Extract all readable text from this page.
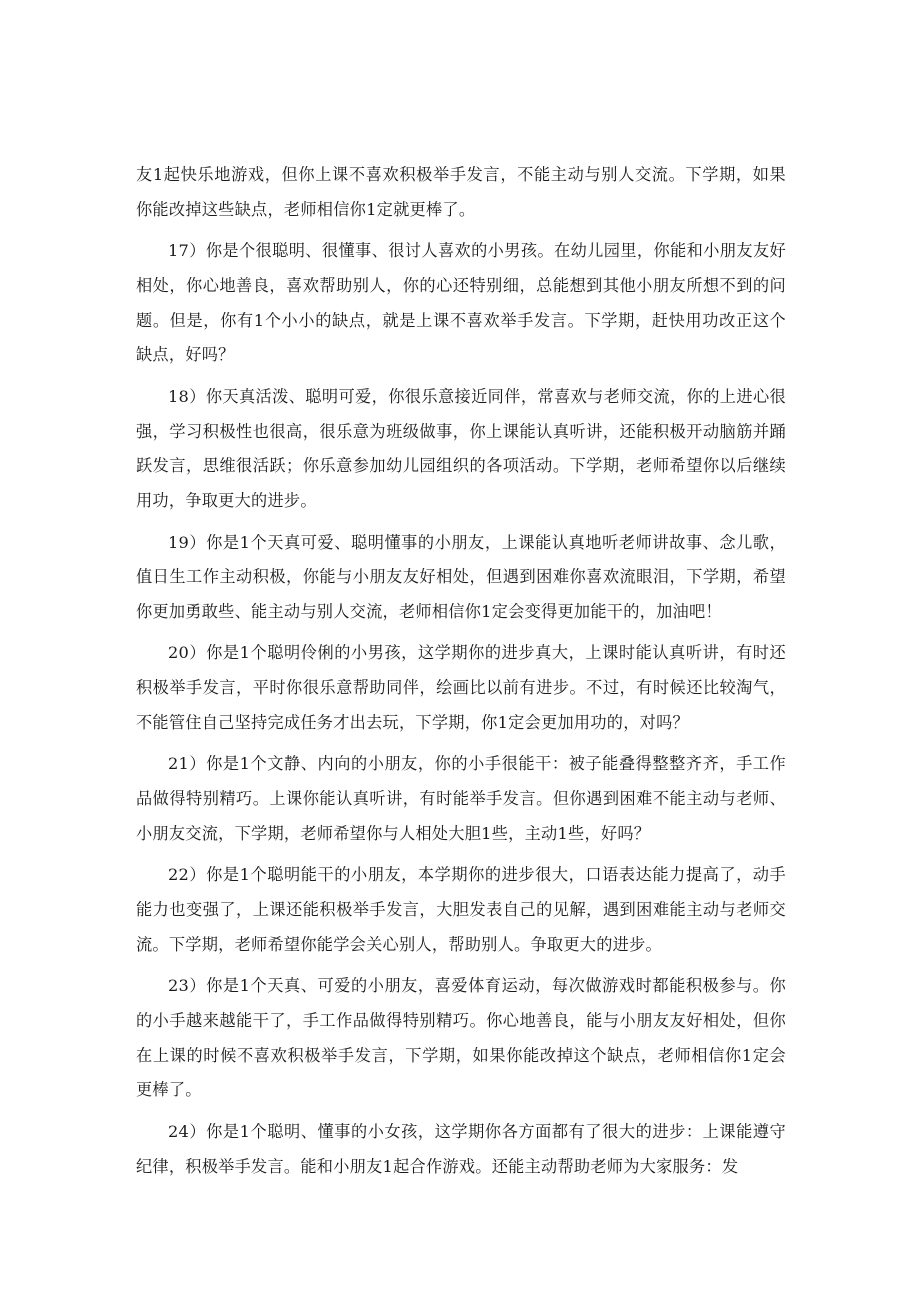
友1起快乐地游戏，但你上课不喜欢积极举手发言，不能主动与别人交流。下学期，如果你能改掉这些缺点，老师相信你1定就更棒了。

17）你是个很聪明、很懂事、很讨人喜欢的小男孩。在幼儿园里，你能和小朋友友好相处，你心地善良，喜欢帮助别人，你的心还特别细，总能想到其他小朋友所想不到的问题。但是，你有1个小小的缺点，就是上课不喜欢举手发言。下学期，赶快用功改正这个缺点，好吗？

18）你天真活泼、聪明可爱，你很乐意接近同伴，常喜欢与老师交流，你的上进心很强，学习积极性也很高，很乐意为班级做事，你上课能认真听讲，还能积极开动脑筋并踊跃发言，思维很活跃；你乐意参加幼儿园组织的各项活动。下学期，老师希望你以后继续用功，争取更大的进步。

19）你是1个天真可爱、聪明懂事的小朋友，上课能认真地听老师讲故事、念儿歌，值日生工作主动积极，你能与小朋友友好相处，但遇到困难你喜欢流眼泪，下学期，希望你更加勇敢些、能主动与别人交流，老师相信你1定会变得更加能干的，加油吧！

20）你是1个聪明伶俐的小男孩，这学期你的进步真大，上课时能认真听讲，有时还积极举手发言，平时你很乐意帮助同伴，绘画比以前有进步。不过，有时候还比较淘气，不能管住自己坚持完成任务才出去玩，下学期，你1定会更加用功的，对吗？

21）你是1个文静、内向的小朋友，你的小手很能干：被子能叠得整整齐齐，手工作品做得特别精巧。上课你能认真听讲，有时能举手发言。但你遇到困难不能主动与老师、小朋友交流，下学期，老师希望你与人相处大胆1些，主动1些，好吗？

22）你是1个聪明能干的小朋友，本学期你的进步很大，口语表达能力提高了，动手能力也变强了，上课还能积极举手发言，大胆发表自己的见解，遇到困难能主动与老师交流。下学期，老师希望你能学会关心别人，帮助别人。争取更大的进步。

23）你是1个天真、可爱的小朋友，喜爱体育运动，每次做游戏时都能积极参与。你的小手越来越能干了，手工作品做得特别精巧。你心地善良，能与小朋友友好相处，但你在上课的时候不喜欢积极举手发言，下学期，如果你能改掉这个缺点，老师相信你1定会更棒了。

24）你是1个聪明、懂事的小女孩，这学期你各方面都有了很大的进步：上课能遵守纪律，积极举手发言。能和小朋友1起合作游戏。还能主动帮助老师为大家服务：发
